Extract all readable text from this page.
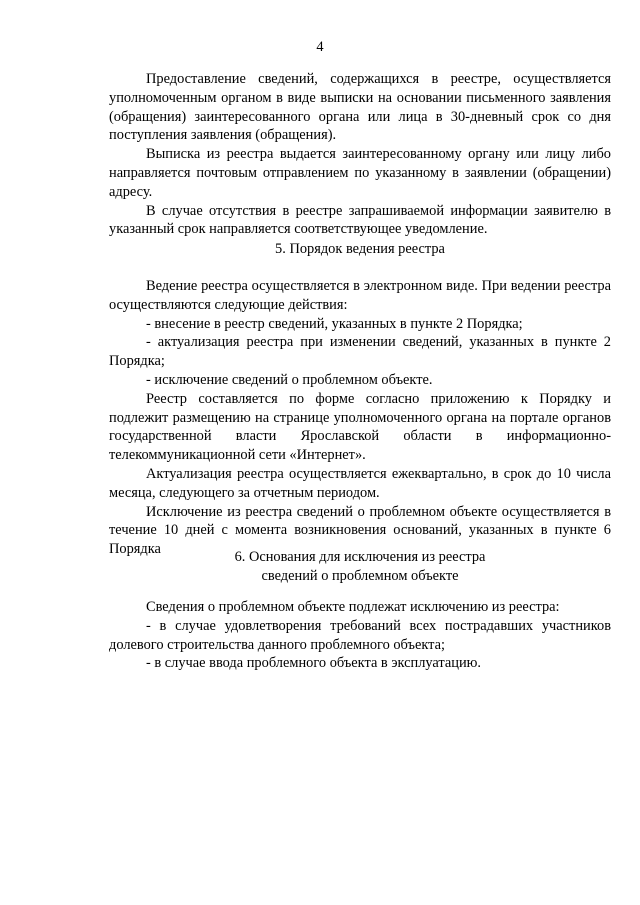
4

Предоставление сведений, содержащихся в реестре, осуществляется уполномоченным органом в виде выписки на основании письменного заявления (обращения) заинтересованного органа или лица в 30-дневный срок со дня поступления заявления (обращения).

Выписка из реестра выдается заинтересованному органу или лицу либо направляется почтовым отправлением по указанному в заявлении (обращении) адресу.

В случае отсутствия в реестре запрашиваемой информации заявителю в указанный срок направляется соответствующее уведомление.

5. Порядок ведения реестра

Ведение реестра осуществляется в электронном виде. При ведении реестра осуществляются следующие действия:

- внесение в реестр сведений, указанных в пункте 2 Порядка;

- актуализация реестра при изменении сведений, указанных в пункте 2 Порядка;

- исключение сведений о проблемном объекте.

Реестр составляется по форме согласно приложению к Порядку и подлежит размещению на странице уполномоченного органа на портале органов государственной власти Ярославской области в информационно-телекоммуникационной сети «Интернет».

Актуализация реестра осуществляется ежеквартально, в срок до 10 числа месяца, следующего за отчетным периодом.

Исключение из реестра сведений о проблемном объекте осуществляется в течение 10 дней с момента возникновения оснований, указанных в пункте 6 Порядка	6. Основания для исключения из реестра
сведений о проблемном объекте

Сведения о проблемном объекте подлежат исключению из реестра:

- в случае удовлетворения требований всех пострадавших участников долевого строительства данного проблемного объекта;

- в случае ввода проблемного объекта в эксплуатацию.
